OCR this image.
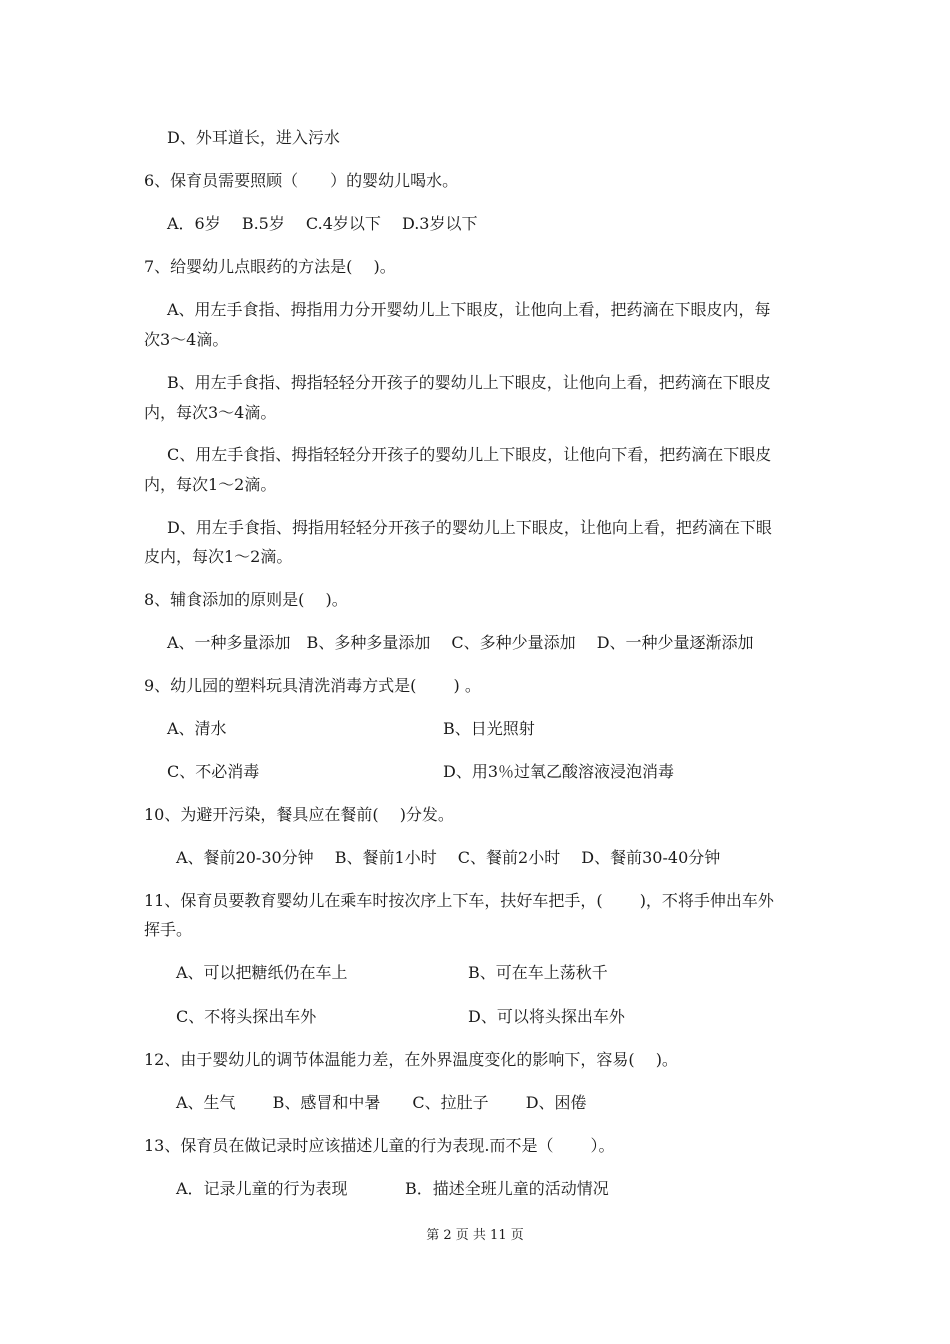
D、外耳道长，进入污水
6、保育员需要照顾（　　）的婴幼儿喝水。
A．6岁　 B.5岁　 C.4岁以下　 D.3岁以下
7、给婴幼儿点眼药的方法是(　 )。
A、用左手食指、拇指用力分开婴幼儿上下眼皮，让他向上看，把药滴在下眼皮内，每
次3～4滴。
B、用左手食指、拇指轻轻分开孩子的婴幼儿上下眼皮，让他向上看，把药滴在下眼皮
内，每次3～4滴。
C、用左手食指、拇指轻轻分开孩子的婴幼儿上下眼皮，让他向下看，把药滴在下眼皮
内，每次1～2滴。
D、用左手食指、拇指用轻轻分开孩子的婴幼儿上下眼皮，让他向上看，把药滴在下眼
皮内，每次1～2滴。
8、辅食添加的原则是(　 )。
A、一种多量添加　B、多种多量添加　 C、多种少量添加　 D、一种少量逐渐添加
9、幼儿园的塑料玩具清洗消毒方式是(　　 ) 。
A、清水	B、日光照射
C、不必消毒	D、用3％过氧乙酸溶液浸泡消毒
10、为避开污染，餐具应在餐前(　 )分发。
A、餐前20-30分钟　 B、餐前1小时　 C、餐前2小时　 D、餐前30-40分钟
11、保育员要教育婴幼儿在乘车时按次序上下车，扶好车把手，(　　 )，不将手伸出车外
挥手。
A、可以把糖纸仍在车上	B、可在车上荡秋千
C、不将头探出车外	D、可以将头探出车外
12、由于婴幼儿的调节体温能力差，在外界温度变化的影响下，容易(　 )。
A、生气　　 B、感冒和中暑　　C、拉肚子　　 D、困倦
13、保育员在做记录时应该描述儿童的行为表现.而不是（　　 ）。
A．记录儿童的行为表现	B．描述全班儿童的活动情况
第 2 页 共 11 页
